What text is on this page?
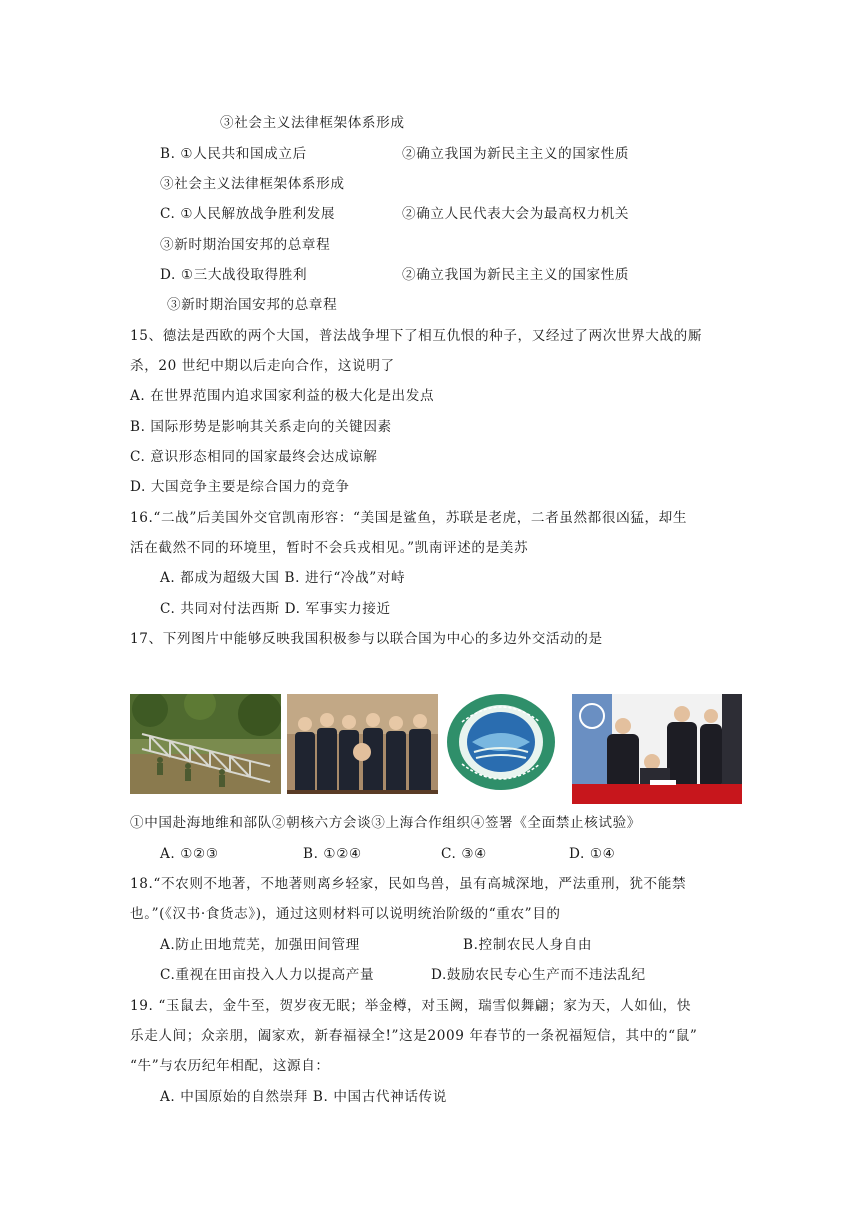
③社会主义法律框架体系形成
B. ①人民共和国成立后	②确立我国为新民主主义的国家性质
③社会主义法律框架体系形成
C. ①人民解放战争胜利发展	②确立人民代表大会为最高权力机关
③新时期治国安邦的总章程
D. ①三大战役取得胜利	②确立我国为新民主主义的国家性质
③新时期治国安邦的总章程
15、德法是西欧的两个大国，普法战争埋下了相互仇恨的种子，又经过了两次世界大战的厮
杀，20 世纪中期以后走向合作，这说明了
A. 在世界范围内追求国家利益的极大化是出发点
B. 国际形势是影响其关系走向的关键因素
C. 意识形态相同的国家最终会达成谅解
D. 大国竞争主要是综合国力的竞争
16.“二战”后美国外交官凯南形容：“美国是鲨鱼，苏联是老虎，二者虽然都很凶猛，却生
活在截然不同的环境里，暂时不会兵戎相见。”凯南评述的是美苏
A. 都成为超级大国 B. 进行“冷战”对峙
C. 共同对付法西斯 D. 军事实力接近
17、下列图片中能够反映我国积极参与以联合国为中心的多边外交活动的是
①中国赴海地维和部队②朝核六方会谈③上海合作组织④签署《全面禁止核试验》
A. ①②③	B. ①②④	C. ③④	D. ①④
18.“不农则不地著，不地著则离乡轻家，民如鸟兽，虽有高城深地，严法重刑，犹不能禁
也。”(《汉书·食货志》)，通过这则材料可以说明统治阶级的“重农”目的
A.防止田地荒芜，加强田间管理	B.控制农民人身自由
C.重视在田亩投入人力以提高产量	D.鼓励农民专心生产而不违法乱纪
19. “玉鼠去，金牛至，贺岁夜无眠；举金樽，对玉阙，瑞雪似舞翩；家为天，人如仙，快
乐走人间；众亲朋，阖家欢，新春福禄全!”这是2009 年春节的一条祝福短信，其中的“鼠”
“牛”与农历纪年相配，这源自：
A. 中国原始的自然崇拜 B. 中国古代神话传说
